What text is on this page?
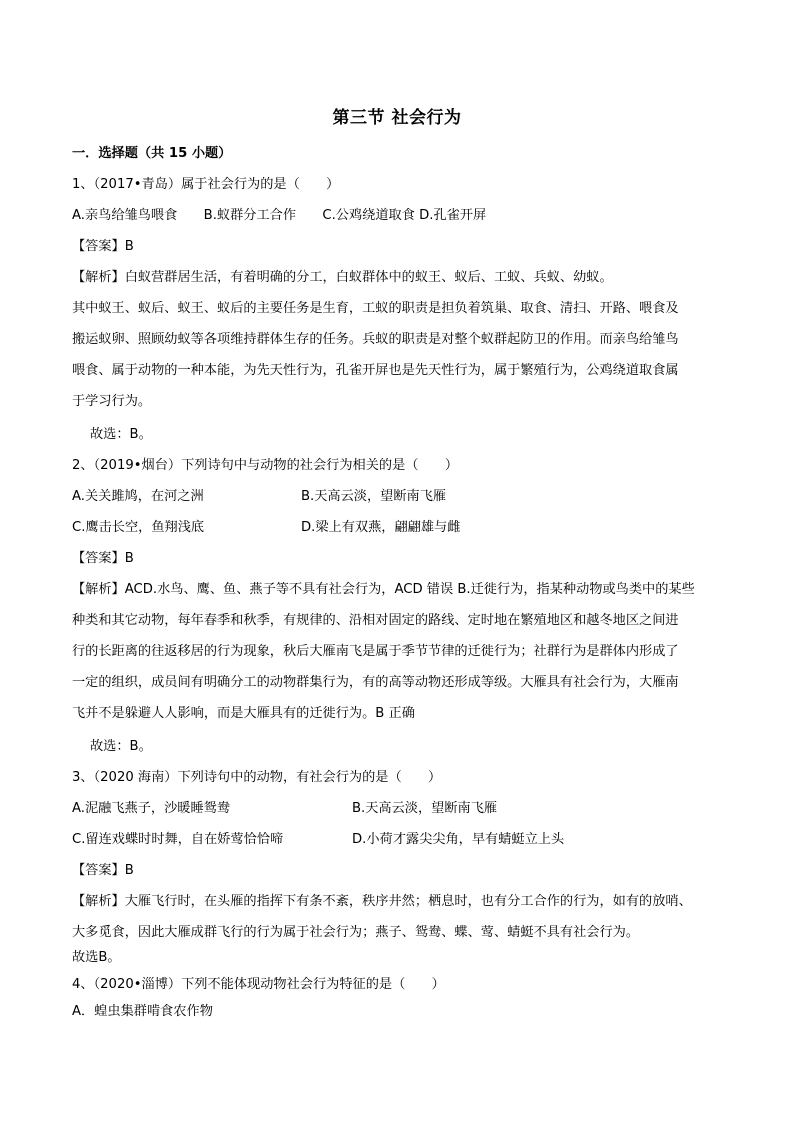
第三节 社会行为
一．选择题（共 15 小题）
1、（2017•青岛）属于社会行为的是（　　）
A.亲鸟给雏鸟喂食　　B.蚁群分工合作　　C.公鸡绕道取食 D.孔雀开屏
【答案】B
【解析】白蚁营群居生活，有着明确的分工，白蚁群体中的蚁王、蚁后、工蚁、兵蚁、幼蚁。
其中蚁王、蚁后、蚁王、蚁后的主要任务是生育，工蚁的职责是担负着筑巢、取食、清扫、开路、喂食及
搬运蚁卵、照顾幼蚁等各项维持群体生存的任务。兵蚁的职责是对整个蚁群起防卫的作用。而亲鸟给雏鸟
喂食、属于动物的一种本能，为先天性行为，孔雀开屏也是先天性行为，属于繁殖行为，公鸡绕道取食属
于学习行为。
故选：B。
2、（2019•烟台）下列诗句中与动物的社会行为相关的是（　　）
A.关关雎鸠，在河之洲	B.天高云淡，望断南飞雁
C.鹰击长空，鱼翔浅底	D.梁上有双燕，翩翩雄与雌
【答案】B
【解析】ACD.水鸟、鹰、鱼、燕子等不具有社会行为，ACD 错误 B.迁徙行为，指某种动物或鸟类中的某些
种类和其它动物，每年春季和秋季，有规律的、沿相对固定的路线、定时地在繁殖地区和越冬地区之间进
行的长距离的往返移居的行为现象，秋后大雁南飞是属于季节节律的迁徙行为；社群行为是群体内形成了
一定的组织，成员间有明确分工的动物群集行为，有的高等动物还形成等级。大雁具有社会行为，大雁南
飞并不是躲避人人影响，而是大雁具有的迁徙行为。B 正确
故选：B。
3、（2020 海南）下列诗句中的动物，有社会行为的是（　　）
A.泥融飞燕子，沙暖睡鸳鸯	B.天高云淡，望断南飞雁
C.留连戏蝶时时舞，自在娇莺恰恰啼	D.小荷才露尖尖角，早有蜻蜓立上头
【答案】B
【解析】大雁飞行时，在头雁的指挥下有条不紊，秩序井然；栖息时，也有分工合作的行为，如有的放哨、
大多觅食，因此大雁成群飞行的行为属于社会行为；燕子、鸳鸯、蝶、莺、蜻蜓不具有社会行为。
故选B。
4、（2020•淄博）下列不能体现动物社会行为特征的是（　　）
A．蝗虫集群啃食农作物
